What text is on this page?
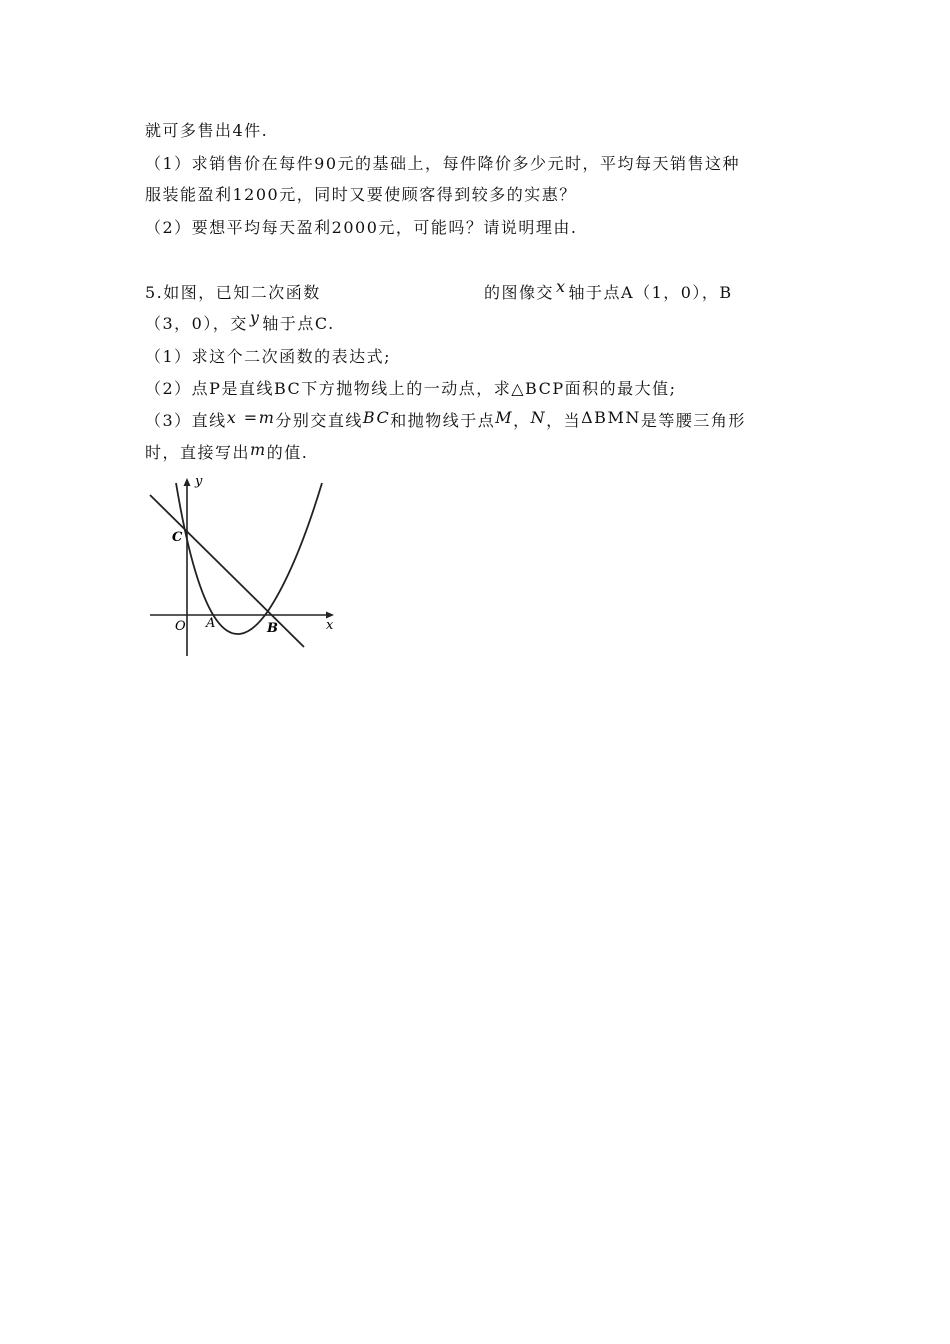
就可多售出4件.
（1）求销售价在每件90元的基础上，每件降价多少元时，平均每天销售这种
服装能盈利1200元，同时又要使顾客得到较多的实惠？
（2）要想平均每天盈利2000元，可能吗？请说明理由.
5.如图，已知二次函数	的图像交 x 轴于点A（1，0），B
（3，0），交 y 轴于点C.
（1）求这个二次函数的表达式;
（2）点P是直线BC下方抛物线上的一动点，求△BCP面积的最大值;
（3）直线x =m分别交直线BC和抛物线于点M，N，当ΔBMN是等腰三角形
时，直接写出m的值.
y
x
C
O A	B
